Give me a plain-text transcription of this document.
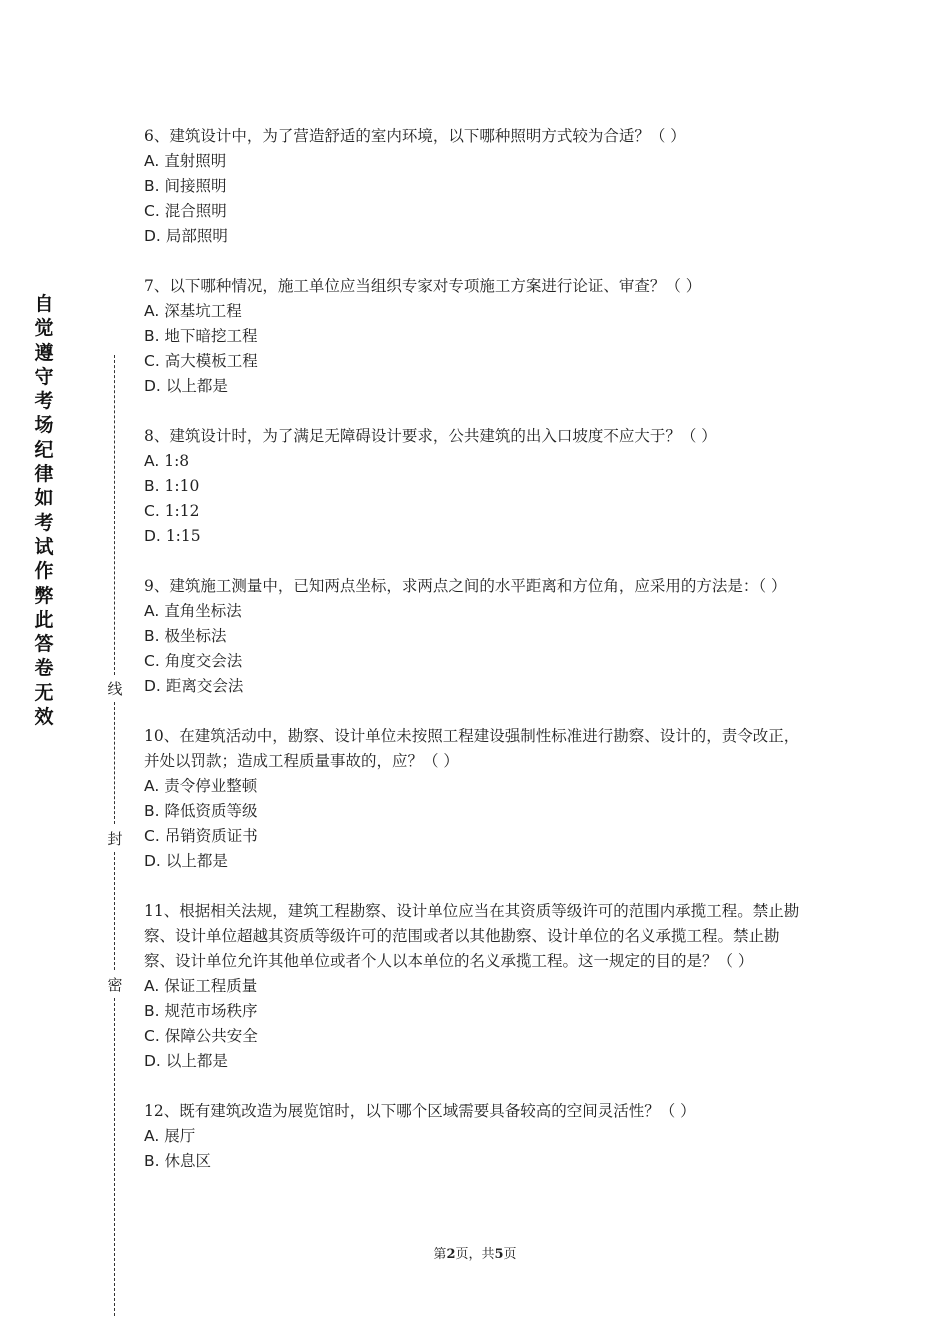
自
觉
遵
守
考
场
纪
律
如
考
试
作
弊
此
答
卷
无
效
线
封
密

6、建筑设计中，为了营造舒适的室内环境，以下哪种照明方式较为合适？（ ）

A. 直射照明

B. 间接照明

C. 混合照明

D. 局部照明

7、以下哪种情况，施工单位应当组织专家对专项施工方案进行论证、审查？（ ）

A. 深基坑工程

B. 地下暗挖工程

C. 高大模板工程

D. 以上都是

8、建筑设计时，为了满足无障碍设计要求，公共建筑的出入口坡度不应大于？（ ）

A. 1:8

B. 1:10

C. 1:12

D. 1:15

9、建筑施工测量中，已知两点坐标，求两点之间的水平距离和方位角，应采用的方法是：（ ）

A. 直角坐标法

B. 极坐标法

C. 角度交会法

D. 距离交会法

10、在建筑活动中，勘察、设计单位未按照工程建设强制性标准进行勘察、设计的，责令改正，并处以罚款；造成工程质量事故的，应？（ ）

A. 责令停业整顿

B. 降低资质等级

C. 吊销资质证书

D. 以上都是

11、根据相关法规，建筑工程勘察、设计单位应当在其资质等级许可的范围内承揽工程。禁止勘察、设计单位超越其资质等级许可的范围或者以其他勘察、设计单位的名义承揽工程。禁止勘察、设计单位允许其他单位或者个人以本单位的名义承揽工程。这一规定的目的是？（ ）

A. 保证工程质量

B. 规范市场秩序

C. 保障公共安全

D. 以上都是

12、既有建筑改造为展览馆时，以下哪个区域需要具备较高的空间灵活性？（ ）

A. 展厅

B. 休息区

第2页，共5页
